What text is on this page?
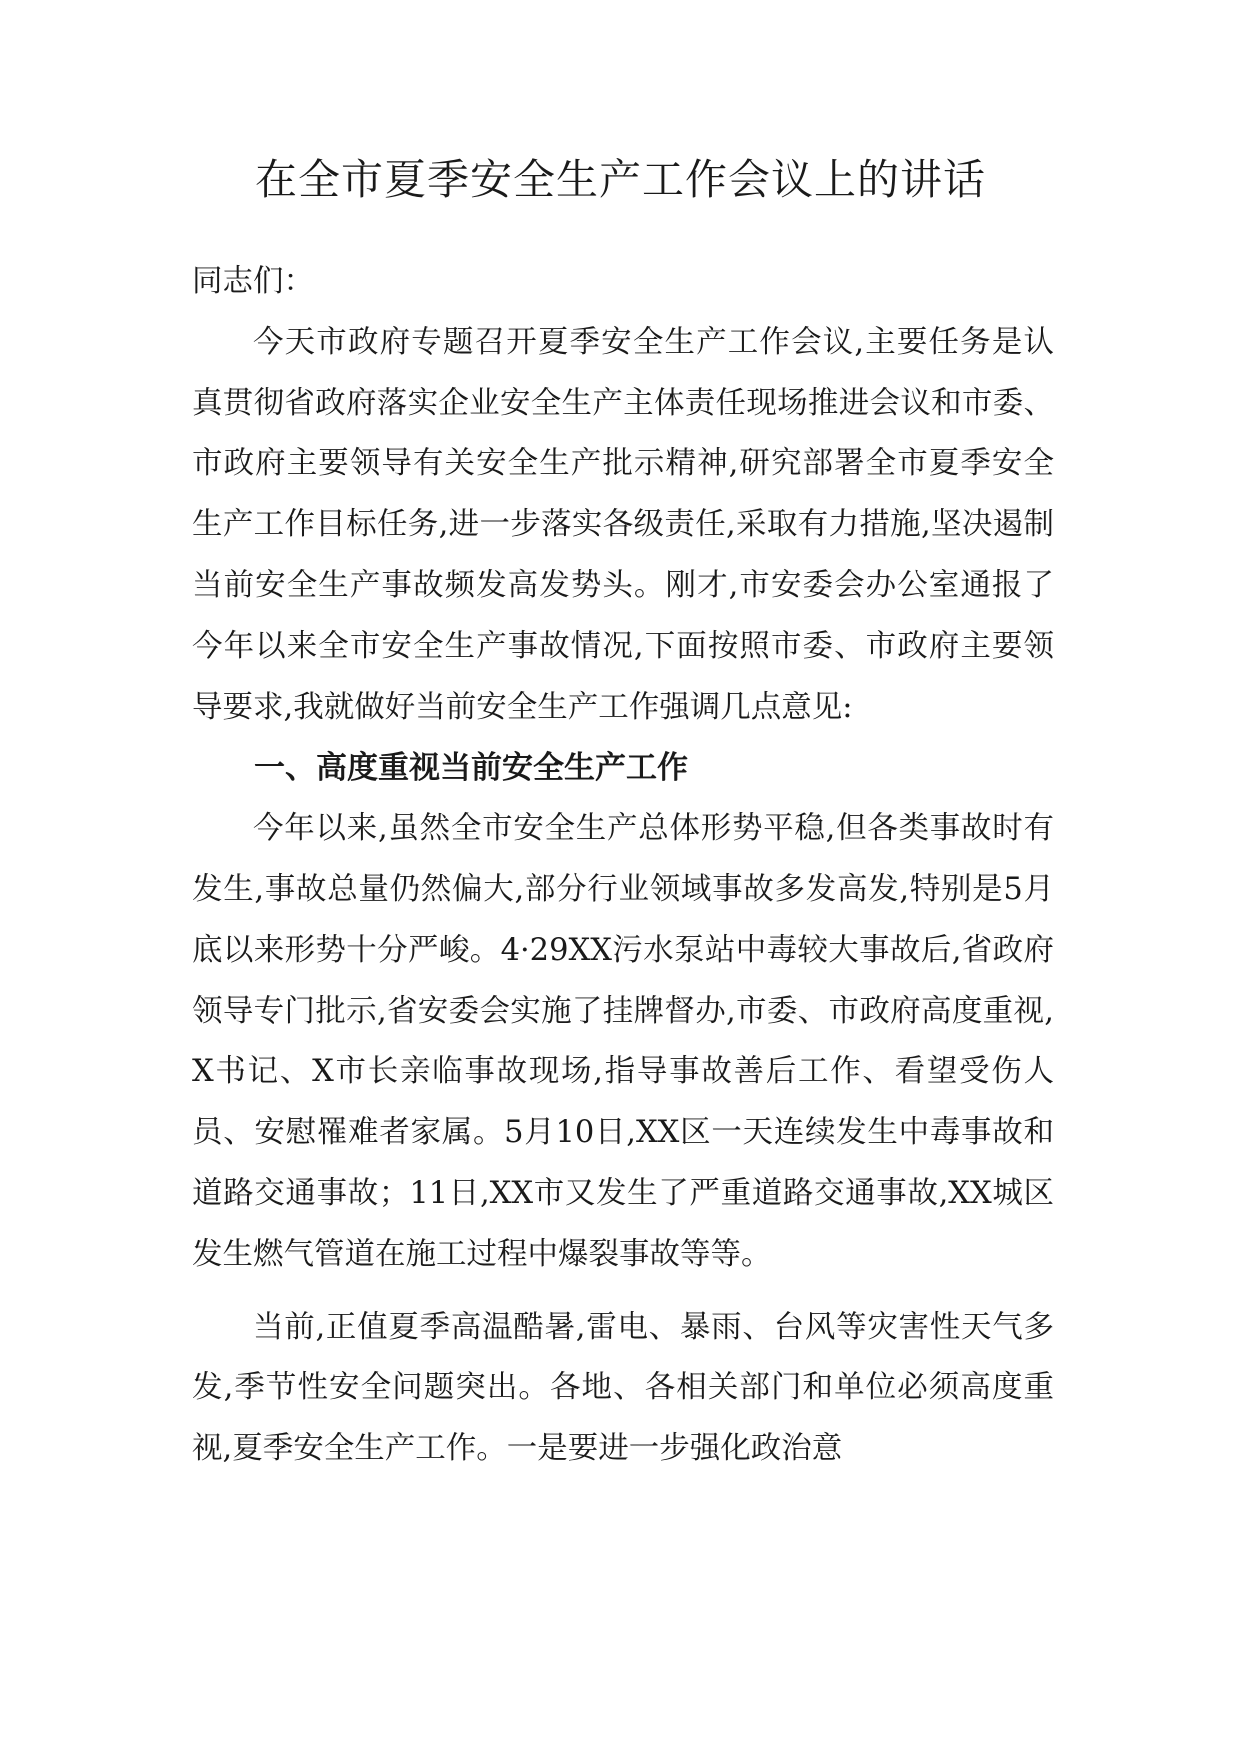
在全市夏季安全生产工作会议上的讲话

同志们：

今天市政府专题召开夏季安全生产工作会议,主要任务是认真贯彻省政府落实企业安全生产主体责任现场推进会议和市委、市政府主要领导有关安全生产批示精神,研究部署全市夏季安全生产工作目标任务,进一步落实各级责任,采取有力措施,坚决遏制当前安全生产事故频发高发势头。刚才,市安委会办公室通报了今年以来全市安全生产事故情况,下面按照市委、市政府主要领导要求,我就做好当前安全生产工作强调几点意见:

一、高度重视当前安全生产工作

今年以来,虽然全市安全生产总体形势平稳,但各类事故时有发生,事故总量仍然偏大,部分行业领域事故多发高发,特别是5月底以来形势十分严峻。4·29XX污水泵站中毒较大事故后,省政府领导专门批示,省安委会实施了挂牌督办,市委、市政府高度重视,X书记、X市长亲临事故现场,指导事故善后工作、看望受伤人员、安慰罹难者家属。5月10日,XX区一天连续发生中毒事故和道路交通事故；11日,XX市又发生了严重道路交通事故,XX城区发生燃气管道在施工过程中爆裂事故等等。

当前,正值夏季高温酷暑,雷电、暴雨、台风等灾害性天气多发,季节性安全问题突出。各地、各相关部门和单位必须高度重视,夏季安全生产工作。一是要进一步强化政治意
